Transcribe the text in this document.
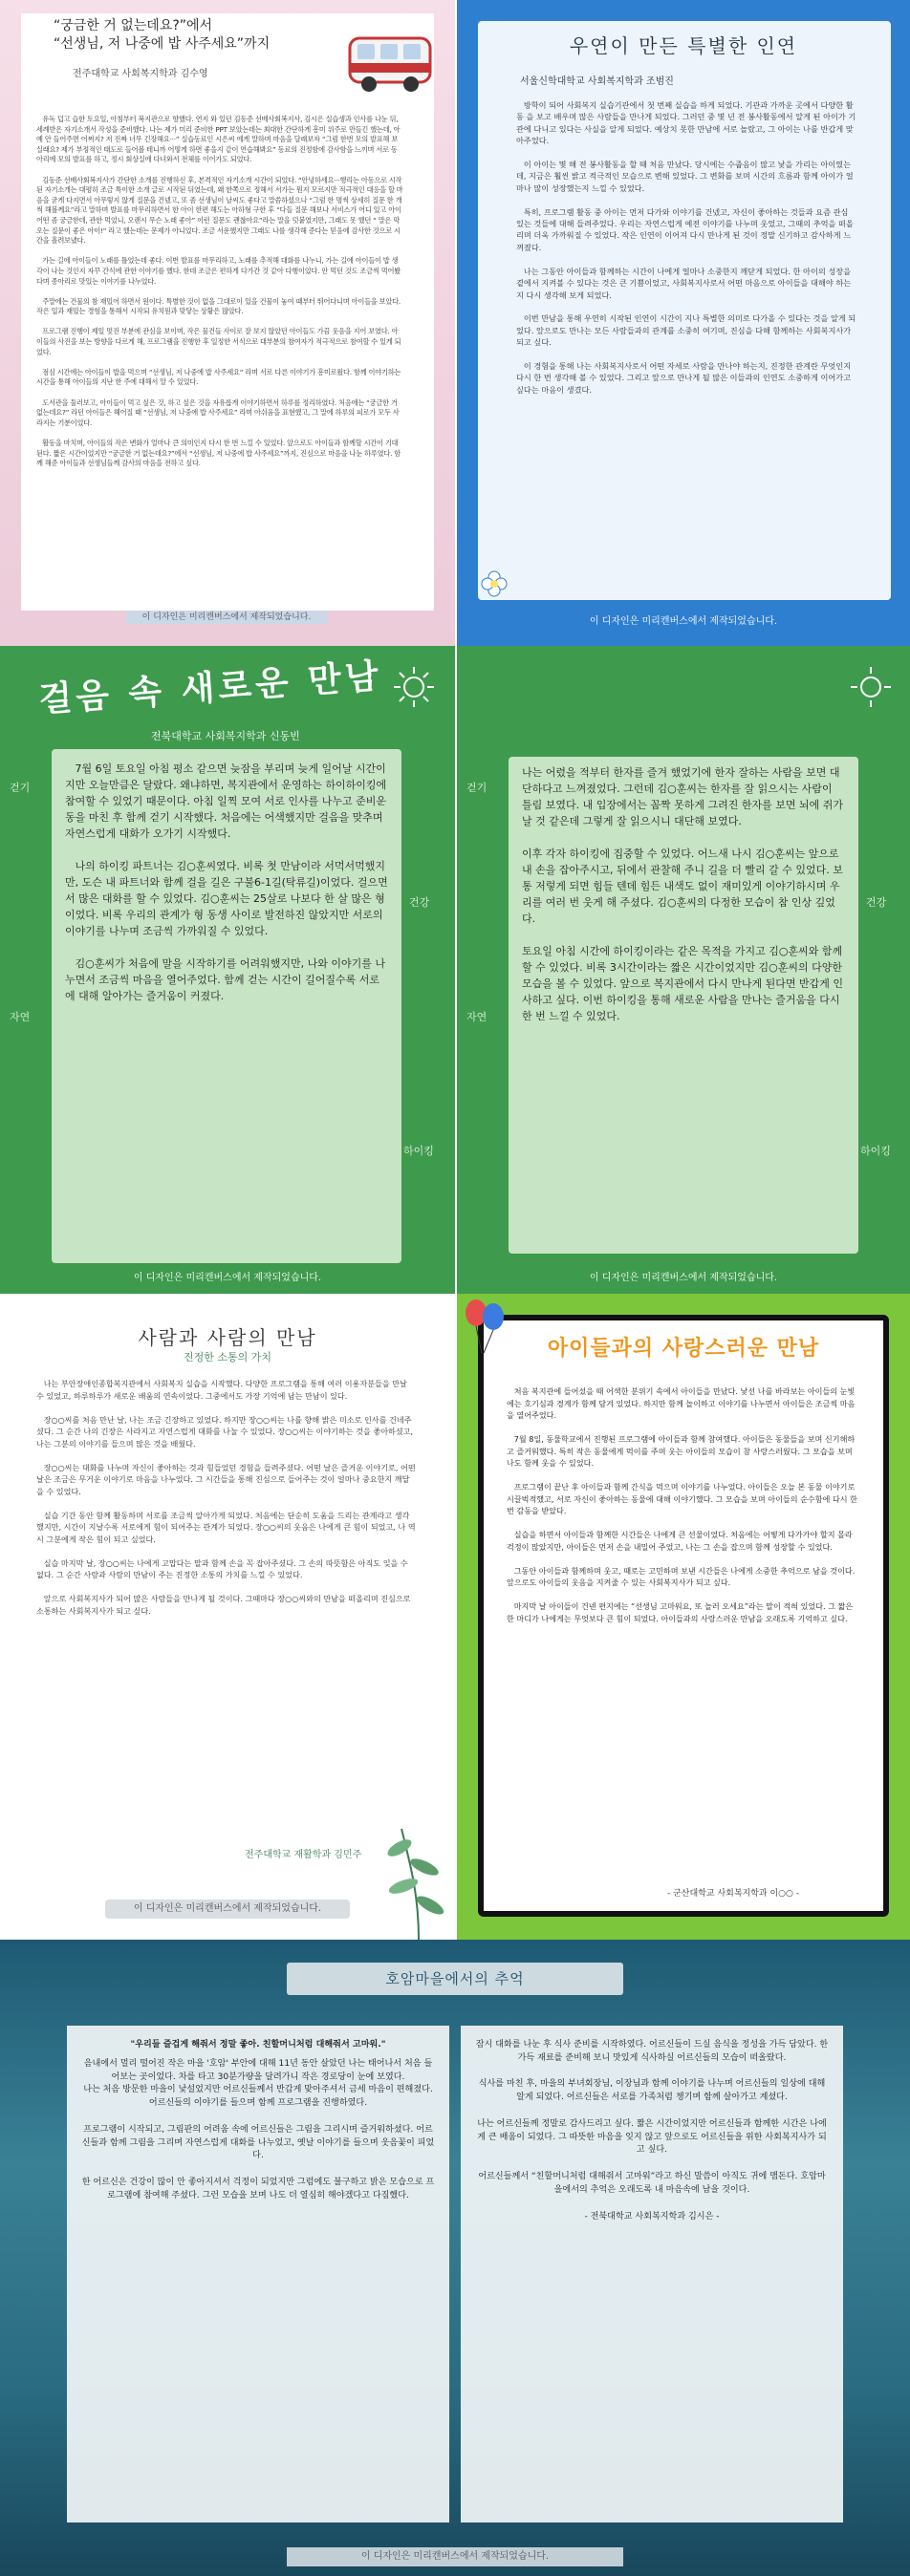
“궁금한 거 없는데요?”에서
“선생님, 저 나중에 밥 사주세요”까지
전주대학교 사회복지학과 김수영
유독 덥고 습한 토요일, 아침부터 복지관으로 향했다. 연지 와 있던 김동준 선배사회복지사, 김시은 실습생과 인사를 나눈 뒤, 세례받은 자기소개서 작성을 준비했다. 나는 제가 미리 준비한 PPT 보았는데는 최대한 간단하게 흥미 위주로 만들긴 했는데, 아예 안 들어주면 어쩌지? 저 진짜 너무 긴장해요···” 실습동료인 시은씨 에게 말하며 마음을 달래보자 “그럼 한번 모의 발표해 보실래요? 제가 부정적인 태도로 들어볼 테니까 어떻게 하면 좋을지 같이 연습해봐요” 동료의 진정함에 감사함을 느끼며 서로 동아리에 모의 발표를 하고, 정시 회상실에 다녀와서 전체를 이어가도 되었다.

김동준 선배사회복지사가 간단한 소개를 진행하신 후, 본격적인 자기소개 시간이 되었다. “안녕하세요···행리는 아동으로 시작된 자기소개는 대평히 조금 특이한 소개 글로 시작된 뒤였는데, 왜 한쪽으로 정해서 서가는 뭔지 모르지만 적극적인 대응을 할 마음을 굳게 다지면서 아무렇지 않게 질문을 건넸고, 또 좀 선생님이 날씨도 좋다고 말씀하셨으나 “그럼 한 명씩 상세히 질문 한 개씩 해볼께요”라고 말하며 발표를 마무리하면서 한 아이 한편 해도는 아하형 구한 후 “다들 질문 해보나 서비스가 어디 있고 아이 어떤 좀 궁금한데, 관한 먹었니, 오랜시 무슨 노래 좋아” 이런 질문도 괜찮아요”라는 말을 덧붙였지만, 그래도 못 했던 “ 말은 막 오는 질문이 좋은 아이!” 라고 했는데는 문제가 아니었다. 조금 서운했지만 그래도 나를 생각해 준다는 믿음에 감사한 것으로 시간을 흘려보냈다.

가는 길에 아이들이 노래를 틀었는데 좋다. 이번 발표를 마무리하고, 노래를 추적해 대화를 나누니, 가는 길에 아이들이 밥 생각이 나는 것인지 자꾸 간식에 관한 이야기를 했다. 한데 조금은 편하게 다가간 것 같아 다행이었다. 안 먹던 것도 조금씩 먹어봤다며 종아리로 맛있는 이야기를 나누었다.

주말에는 건물의 참 재밌어 하면서 원이다. 특별한 것이 없을 그대로이 있을 건물이 놓여 때부터 뛰어다니며 아이들을 보았다. 작은 일과 재밌는 경험을 통해서 시작되 유치원과 맞닿는 상황은 많았다.

프로그램 진행이 제일 멋진 부분에 관심을 보이며, 작은 물건들 사이로 잘 보지 않았던 아이들도 가끔 웃음을 지어 보였다. 아이들의 사진을 보는 방향을 다르게 해, 프로그램을 진행한 후 일정한 서식으로 대부분의 참여자가 적극적으로 참여할 수 있게 되었다.

점심 시간에는 아이들이 밥을 먹으며 “선생님, 저 나중에 밥 사주세요” 라며 서로 다른 이야기가 흥미로웠다. 함께 이야기하는 시간을 통해 아이들의 지난 한 주에 대해서 알 수 있었다.

도서관을 둘러보고, 아이들이 먹고 싶은 것, 하고 싶은 것을 자유롭게 이야기하면서 하루를 정리하였다. 처음에는 “궁금한 거 없는데요?” 라던 아이들은 헤어질 때 “선생님, 저 나중에 밥 사주세요” 라며 아쉬움을 표현했고, 그 말에 하루의 피로가 모두 사라지는 기분이었다.

활동을 마치며, 아이들의 작은 변화가 얼마나 큰 의미인지 다시 한 번 느낄 수 있었다. 앞으로도 아이들과 함께할 시간이 기대된다. 짧은 시간이었지만 “궁금한 거 없는데요?”에서 “선생님, 저 나중에 밥 사주세요”까지, 진심으로 마음을 나눈 하루였다. 함께 해준 아이들과 선생님들께 감사의 마음을 전하고 싶다.
이 디자인은 미리캔버스에서 제작되었습니다.
우연이 만든 특별한 인연
서울신학대학교 사회복지학과 조범진
방학이 되어 사회복지 실습기관에서 첫 번째 실습을 하게 되었다. 기관과 가까운 곳에서 다양한 활동 을 보고 배우며 많은 사람들을 만나게 되었다. 그러던 중 몇 년 전 봉사활동에서 알게 된 아이가 기관에 다니고 있다는 사실을 알게 되었다. 예상치 못한 만남에 서로 놀랐고, 그 아이는 나를 반갑게 맞아주었다.

이 아이는 몇 해 전 봉사활동을 할 때 처음 만났다. 당시에는 수줍음이 많고 낯을 가리는 아이였는데, 지금은 훨씬 밝고 적극적인 모습으로 변해 있었다. 그 변화를 보며 시간의 흐름과 함께 아이가 얼마나 많이 성장했는지 느낄 수 있었다.

특히, 프로그램 활동 중 아이는 먼저 다가와 이야기를 건넸고, 자신이 좋아하는 것들과 요즘 관심 있는 것들에 대해 들려주었다. 우리는 자연스럽게 예전 이야기를 나누며 웃었고, 그때의 추억을 떠올리며 더욱 가까워질 수 있었다. 작은 인연이 이어져 다시 만나게 된 것이 정말 신기하고 감사하게 느껴졌다.

나는 그동안 아이들과 함께하는 시간이 나에게 얼마나 소중한지 깨닫게 되었다. 한 아이의 성장을 곁에서 지켜볼 수 있다는 것은 큰 기쁨이었고, 사회복지사로서 어떤 마음으로 아이들을 대해야 하는지 다시 생각해 보게 되었다.

이번 만남을 통해 우연히 시작된 인연이 시간이 지나 특별한 의미로 다가올 수 있다는 것을 알게 되었다. 앞으로도 만나는 모든 사람들과의 관계를 소중히 여기며, 진심을 다해 함께하는 사회복지사가 되고 싶다.

이 경험을 통해 나는 사회복지사로서 어떤 자세로 사람을 만나야 하는지, 진정한 관계란 무엇인지 다시 한 번 생각해 볼 수 있었다. 그리고 앞으로 만나게 될 많은 이들과의 인연도 소중하게 이어가고 싶다는 마음이 생겼다.
이 디자인은 미리캔버스에서 제작되었습니다.
걸음 속 새로운 만남
전북대학교 사회복지학과 신동빈
7월 6일 토요일 아침 평소 같으면 늦잠을 부리며 늦게 일어날 시간이지만 오늘만큼은 달랐다. 왜냐하면, 복지관에서 운영하는 하이하이킹에 참여할 수 있었기 때문이다. 아침 일찍 모여 서로 인사를 나누고 준비운동을 마친 후 함께 걷기 시작했다. 처음에는 어색했지만 걸음을 맞추며 자연스럽게 대화가 오가기 시작했다.

나의 하이킹 파트너는 김○훈씨였다. 비록 첫 만남이라 서먹서먹했지만, 도슨 내 파트너와 함께 걸을 길은 구불6-1길(탁류길)이었다. 걸으면서 많은 대화를 할 수 있었다. 김○훈씨는 25살로 나보다 한 살 많은 형이었다. 비록 우리의 관계가 형 동생 사이로 발전하진 않았지만 서로의 이야기를 나누며 조금씩 가까워질 수 있었다.

김○훈씨가 처음에 말을 시작하기를 어려워했지만, 나와 이야기를 나누면서 조금씩 마음을 열어주었다. 함께 걷는 시간이 길어질수록 서로에 대해 알아가는 즐거움이 커졌다.
걷기
건강
자연
하이킹
이 디자인은 미리캔버스에서 제작되었습니다.
나는 어렸을 적부터 한자를 즐겨 했었기에 한자 잘하는 사람을 보면 대단하다고 느껴졌었다. 그런데 김○훈씨는 한자를 잘 읽으시는 사람이 틀림 보였다. 내 입장에서는 꼼짝 못하게 그려진 한자를 보면 뇌에 쥐가 날 것 같은데 그렇게 잘 읽으시니 대단해 보였다.

이후 각자 하이킹에 집중할 수 있었다. 어느새 나시 김○훈씨는 앞으로 내 손을 잡아주시고, 뒤에서 관찰해 주니 길을 더 빨리 갈 수 있었다. 보통 저렇게 되면 힘들 텐데 힘든 내색도 없이 재미있게 이야기하시며 우리를 여러 번 웃게 해 주셨다. 김○훈씨의 다정한 모습이 참 인상 깊었다.

토요일 아침 시간에 하이킹이라는 같은 목적을 가지고 김○훈씨와 함께할 수 있었다. 비록 3시간이라는 짧은 시간이었지만 김○훈씨의 다양한 모습을 볼 수 있었다. 앞으로 복지관에서 다시 만나게 된다면 반갑게 인사하고 싶다. 이번 하이킹을 통해 새로운 사람을 만나는 즐거움을 다시 한 번 느낄 수 있었다.
걷기
건강
자연
하이킹
이 디자인은 미리캔버스에서 제작되었습니다.
사람과 사람의 만남
진정한 소통의 가치
나는 부안장애인종합복지관에서 사회복지 실습을 시작했다. 다양한 프로그램을 통해 여러 이용자분들을 만날 수 있었고, 하루하루가 새로운 배움의 연속이었다. 그중에서도 가장 기억에 남는 만남이 있다.

장○○씨를 처음 만난 날, 나는 조금 긴장하고 있었다. 하지만 장○○씨는 나를 향해 밝은 미소로 인사를 건네주셨다. 그 순간 나의 긴장은 사라지고 자연스럽게 대화를 나눌 수 있었다. 장○○씨는 이야기하는 것을 좋아하셨고, 나는 그분의 이야기를 들으며 많은 것을 배웠다.

장○○씨는 대화를 나누며 자신이 좋아하는 것과 힘들었던 경험을 들려주셨다. 어떤 날은 즐거운 이야기로, 어떤 날은 조금은 무거운 이야기로 마음을 나누었다. 그 시간들을 통해 진심으로 들어주는 것이 얼마나 중요한지 깨달을 수 있었다.

실습 기간 동안 함께 활동하며 서로를 조금씩 알아가게 되었다. 처음에는 단순히 도움을 드리는 관계라고 생각했지만, 시간이 지날수록 서로에게 힘이 되어주는 관계가 되었다. 장○○씨의 웃음은 나에게 큰 힘이 되었고, 나 역시 그분에게 작은 힘이 되고 싶었다.

실습 마지막 날, 장○○씨는 나에게 고맙다는 말과 함께 손을 꼭 잡아주셨다. 그 손의 따뜻함은 아직도 잊을 수 없다. 그 순간 사람과 사람의 만남이 주는 진정한 소통의 가치를 느낄 수 있었다.

앞으로 사회복지사가 되어 많은 사람들을 만나게 될 것이다. 그때마다 장○○씨와의 만남을 떠올리며 진심으로 소통하는 사회복지사가 되고 싶다.
전주대학교 재활학과 김민주
이 디자인은 미리캔버스에서 제작되었습니다.
아이들과의 사랑스러운 만남
처음 복지관에 들어섰을 때 어색한 분위기 속에서 아이들을 만났다. 낯선 나를 바라보는 아이들의 눈빛에는 호기심과 경계가 함께 담겨 있었다. 하지만 함께 놀이하고 이야기를 나누면서 아이들은 조금씩 마음을 열어주었다.

7월 8일, 동물학교에서 진행된 프로그램에 아이들과 함께 참여했다. 아이들은 동물들을 보며 신기해하고 즐거워했다. 특히 작은 동물에게 먹이를 주며 웃는 아이들의 모습이 참 사랑스러웠다. 그 모습을 보며 나도 함께 웃을 수 있었다.

프로그램이 끝난 후 아이들과 함께 간식을 먹으며 이야기를 나누었다. 아이들은 오늘 본 동물 이야기로 시끌벅적했고, 서로 자신이 좋아하는 동물에 대해 이야기했다. 그 모습을 보며 아이들의 순수함에 다시 한 번 감동을 받았다.

실습을 하면서 아이들과 함께한 시간들은 나에게 큰 선물이었다. 처음에는 어떻게 다가가야 할지 몰라 걱정이 많았지만, 아이들은 먼저 손을 내밀어 주었고, 나는 그 손을 잡으며 함께 성장할 수 있었다.

그동안 아이들과 함께하며 웃고, 때로는 고민하며 보낸 시간들은 나에게 소중한 추억으로 남을 것이다. 앞으로도 아이들의 웃음을 지켜줄 수 있는 사회복지사가 되고 싶다.

마지막 날 아이들이 건넨 편지에는 “선생님 고마워요, 또 놀러 오세요”라는 말이 적혀 있었다. 그 짧은 한 마디가 나에게는 무엇보다 큰 힘이 되었다. 아이들과의 사랑스러운 만남을 오래도록 기억하고 싶다.
- 군산대학교 사회복지학과 이○○ -
호암마을에서의 추억
"우리들 즐겁게 해줘서 정말 좋아. 친할머니처럼 대해줘서 고마워."
음내에서 멀리 떨어진 작은 마을 '호암' 부안에 대해 11년 동안 살았던 나는 태어나서 처음 들어보는 곳이었다. 차를 타고 30분가량을 달려가니 작은 경로당이 눈에 보였다.
나는 처음 방문한 마을이 낯설었지만 어르신들께서 반갑게 맞아주셔서 금세 마음이 편해졌다. 어르신들의 이야기를 들으며 함께 프로그램을 진행하였다.

프로그램이 시작되고, 그림판의 어려움 속에 어르신들은 그림을 그리시며 즐거워하셨다. 어르신들과 함께 그림을 그리며 자연스럽게 대화를 나누었고, 옛날 이야기를 들으며 웃음꽃이 피었다.

한 어르신은 건강이 많이 안 좋아지셔서 걱정이 되었지만 그럼에도 불구하고 밝은 모습으로 프로그램에 참여해 주셨다. 그런 모습을 보며 나도 더 열심히 해야겠다고 다짐했다.
잠시 대화를 나눈 후 식사 준비를 시작하였다. 어르신들이 드실 음식을 정성을 가득 담았다. 한가득 재료를 준비해 보니 맛있게 식사하실 어르신들의 모습이 떠올랐다.

식사를 마친 후, 마을의 부녀회장님, 이장님과 함께 이야기를 나누며 어르신들의 일상에 대해 알게 되었다. 어르신들은 서로를 가족처럼 챙기며 함께 살아가고 계셨다.

나는 어르신들께 정말로 감사드리고 싶다. 짧은 시간이었지만 어르신들과 함께한 시간은 나에게 큰 배움이 되었다. 그 따뜻한 마음을 잊지 않고 앞으로도 어르신들을 위한 사회복지사가 되고 싶다.

어르신들께서 “친할머니처럼 대해줘서 고마워”라고 하신 말씀이 아직도 귀에 맴돈다. 호암마을에서의 추억은 오래도록 내 마음속에 남을 것이다.
- 전북대학교 사회복지학과 김시은 -
이 디자인은 미리캔버스에서 제작되었습니다.
